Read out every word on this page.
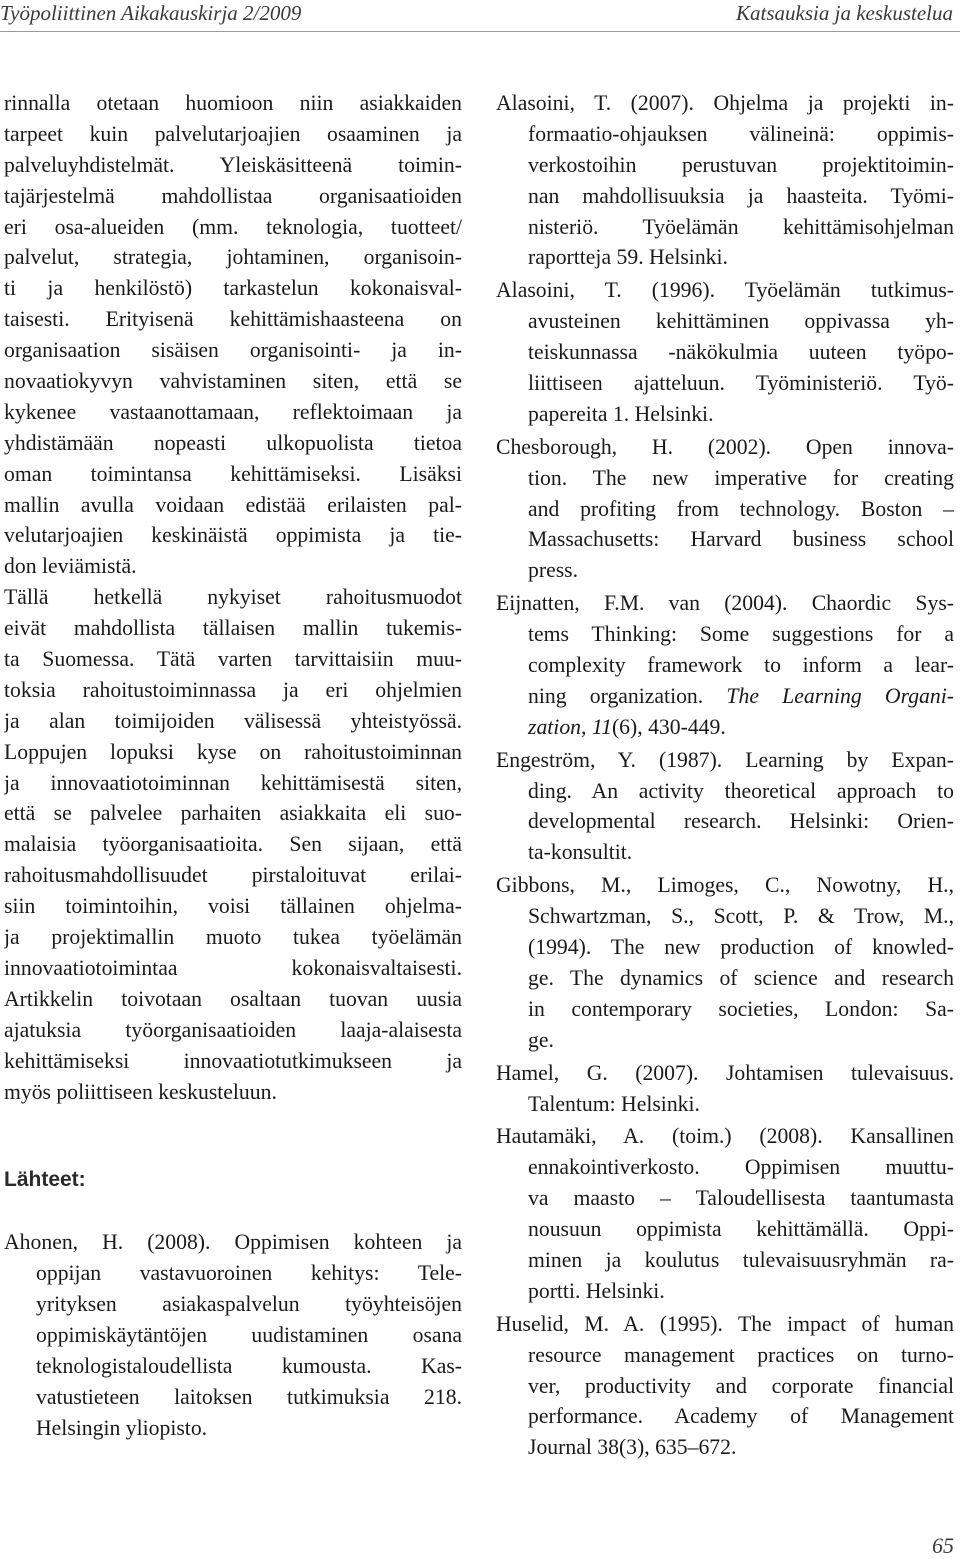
Työpoliittinen Aikakauskirja 2/2009	Katsauksia ja keskustelua
rinnalla otetaan huomioon niin asiakkaiden
tarpeet kuin palvelutarjoajien osaaminen ja
palveluyhdistelmät. Yleiskäsitteenä toimin-
tajärjestelmä mahdollistaa organisaatioiden
eri osa-alueiden (mm. teknologia, tuotteet/
palvelut, strategia, johtaminen, organisoin-
ti ja henkilöstö) tarkastelun kokonaisval-
taisesti. Erityisenä kehittämishaasteena on
organisaation sisäisen organisointi- ja in-
novaatiokyvyn vahvistaminen siten, että se
kykenee vastaanottamaan, reflektoimaan ja
yhdistämään nopeasti ulkopuolista tietoa
oman toimintansa kehittämiseksi. Lisäksi
mallin avulla voidaan edistää erilaisten pal-
velutarjoajien keskinäistä oppimista ja tie-
don leviämistä.
Tällä hetkellä nykyiset rahoitusmuodot
eivät mahdollista tällaisen mallin tukemis-
ta Suomessa. Tätä varten tarvittaisiin muu-
toksia rahoitustoiminnassa ja eri ohjelmien
ja alan toimijoiden välisessä yhteistyössä.
Loppujen lopuksi kyse on rahoitustoiminnan
ja innovaatiotoiminnan kehittämisestä siten,
että se palvelee parhaiten asiakkaita eli suo-
malaisia työorganisaatioita. Sen sijaan, että
rahoitusmahdollisuudet pirstaloituvat erilai-
siin toimintoihin, voisi tällainen ohjelma-
ja projektimallin muoto tukea työelämän
innovaatiotoimintaa kokonaisvaltaisesti.
Artikkelin toivotaan osaltaan tuovan uusia
ajatuksia työorganisaatioiden laaja-alaisesta
kehittämiseksi innovaatiotutkimukseen ja
myös poliittiseen keskusteluun.
Lähteet:
Ahonen, H. (2008). Oppimisen kohteen ja
oppijan vastavuoroinen kehitys: Tele-
yrityksen asiakaspalvelun työyhteisöjen
oppimiskäytäntöjen uudistaminen osana
teknologistaloudellista kumousta. Kas-
vatustieteen laitoksen tutkimuksia 218.
Helsingin yliopisto.
Alasoini, T. (2007). Ohjelma ja projekti in-
formaatio-ohjauksen välineinä: oppimis-
verkostoihin perustuvan projektitoimin-
nan mahdollisuuksia ja haasteita. Työmi-
nisteriö. Työelämän kehittämisohjelman
raportteja 59. Helsinki.
Alasoini, T. (1996). Työelämän tutkimus-
avusteinen kehittäminen oppivassa yh-
teiskunnassa -näkökulmia uuteen työpo-
liittiseen ajatteluun. Työministeriö. Työ-
papereita 1. Helsinki.
Chesborough, H. (2002). Open innova-
tion. The new imperative for creating
and profiting from technology. Boston –
Massachusetts: Harvard business school
press.
Eijnatten, F.M. van (2004). Chaordic Sys-
tems Thinking: Some suggestions for a
complexity framework to inform a lear-
ning organization. The Learning Organi-
zation, 11(6), 430-449.
Engeström, Y. (1987). Learning by Expan-
ding. An activity theoretical approach to
developmental research. Helsinki: Orien-
ta-konsultit.
Gibbons, M., Limoges, C., Nowotny, H.,
Schwartzman, S., Scott, P. & Trow, M.,
(1994). The new production of knowled-
ge. The dynamics of science and research
in contemporary societies, London: Sa-
ge.
Hamel, G. (2007). Johtamisen tulevaisuus.
Talentum: Helsinki.
Hautamäki, A. (toim.) (2008). Kansallinen
ennakointiverkosto. Oppimisen muuttu-
va maasto – Taloudellisesta taantumasta
nousuun oppimista kehittämällä. Oppi-
minen ja koulutus tulevaisuusryhmän ra-
portti. Helsinki.
Huselid, M. A. (1995). The impact of human
resource management practices on turno-
ver, productivity and corporate financial
performance. Academy of Management
Journal 38(3), 635–672.
65
